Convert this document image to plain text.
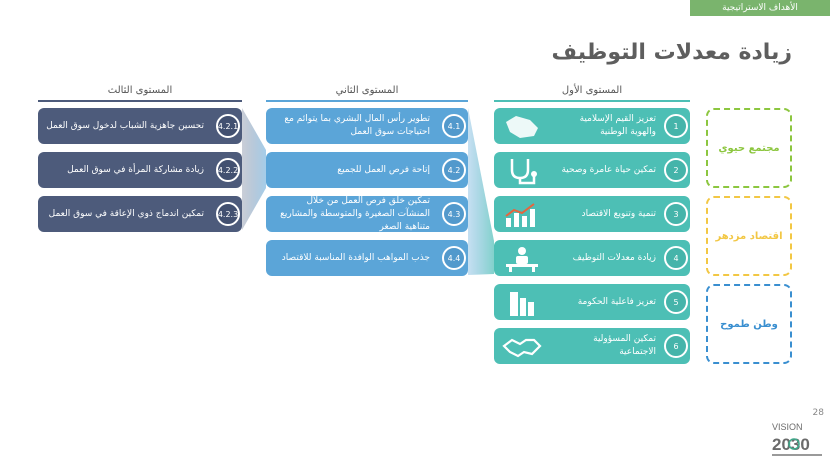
الأهداف الاستراتيجية
زيادة معدلات التوظيف
المستوى الأول
المستوى الثاني
المستوى الثالث
تعزيز القيم الإسلامية والهوية الوطنية
1
تمكين حياة عامرة وصحية	2
تنمية وتنويع الاقتصاد	3
زيادة معدلات التوظيف	4
تعزيز فاعلية الحكومة	5
تمكين المسؤولية الاجتماعية
6
تطوير رأس المال البشري بما يتوائم مع احتياجات سوق العمل
4.1
إتاحة فرص العمل للجميع	4.2
تمكين خلق فرص العمل من خلال المنشآت الصغيرة والمتوسطة والمشاريع متناهية الصغر
4.3
جذب المواهب الوافدة المناسبة للاقتصاد	4.4
تحسين جاهزية الشباب لدخول سوق العمل 4.2.1
زيادة مشاركة المرأة في سوق العمل 4.2.2
تمكين اندماج ذوي الإعاقة في سوق العمل 4.2.3
مجتمع حيوي
اقتصاد مزدهر
وطن طموح
28
VISION
2030
